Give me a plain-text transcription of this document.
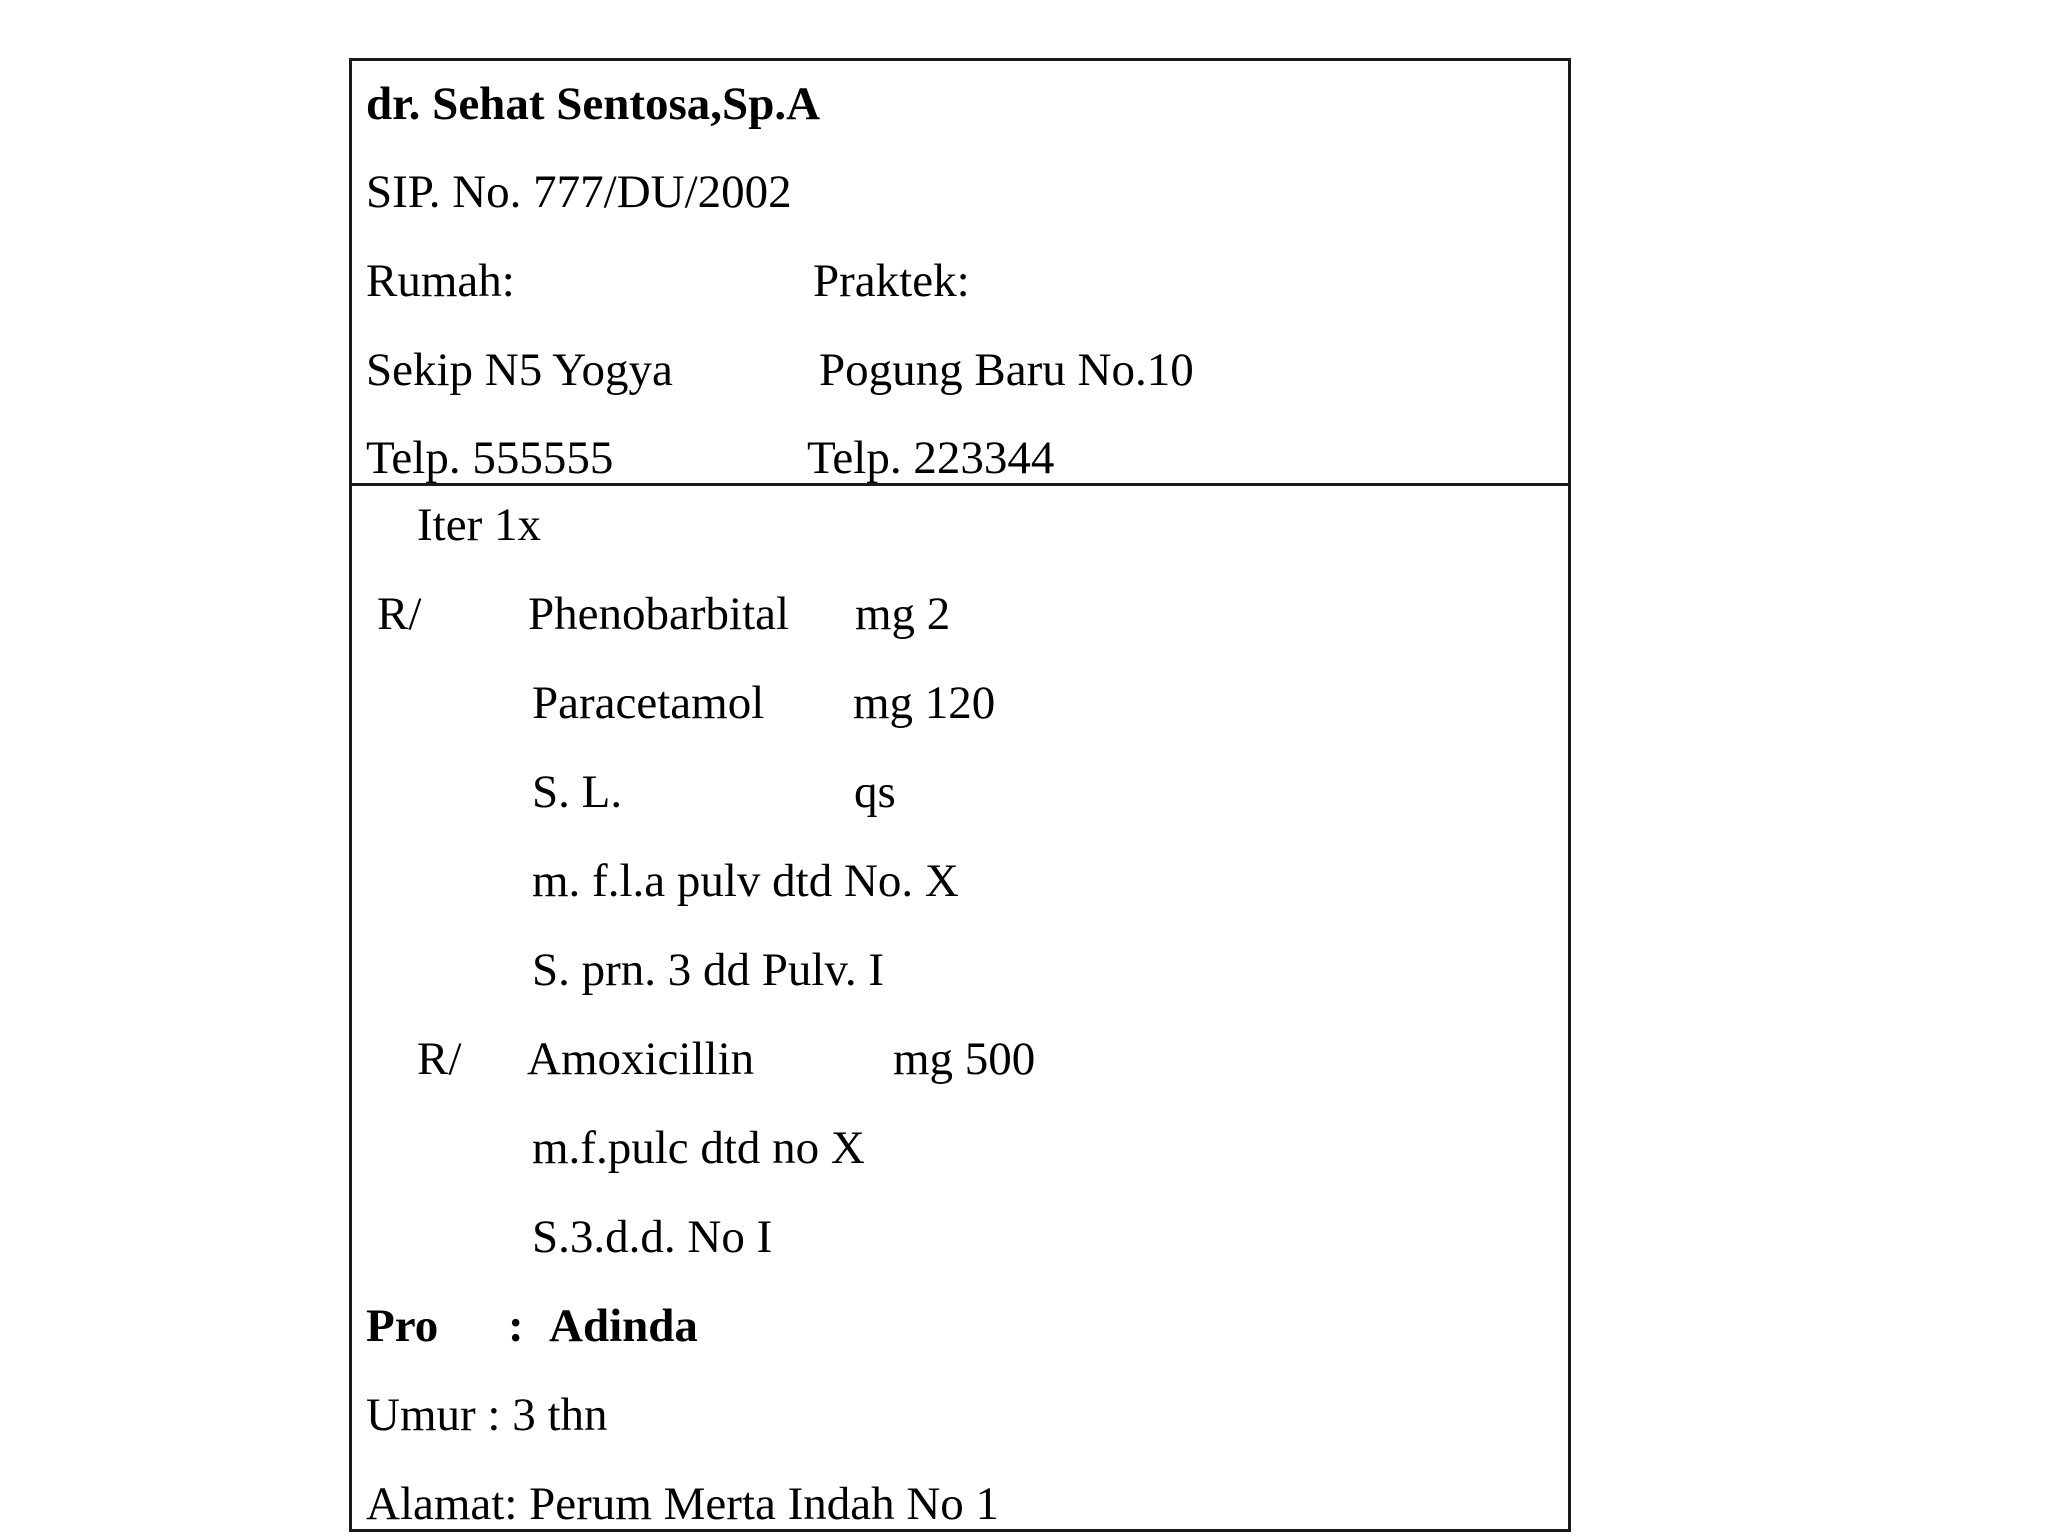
dr. Sehat Sentosa,Sp.A
SIP. No. 777/DU/2002
Rumah:	Praktek:
Sekip N5 Yogya	Pogung Baru No.10
Telp. 555555	Telp. 223344
Iter 1x
R/ Phenobarbital mg 2
Paracetamol mg 120
S. L.	qs
m. f.l.a pulv dtd No. X
S. prn. 3 dd Pulv. I
R/ Amoxicillin	mg 500
m.f.pulc dtd no X
S.3.d.d. No I
Pro : Adinda
Umur : 3 thn
Alamat: Perum Merta Indah No 1
